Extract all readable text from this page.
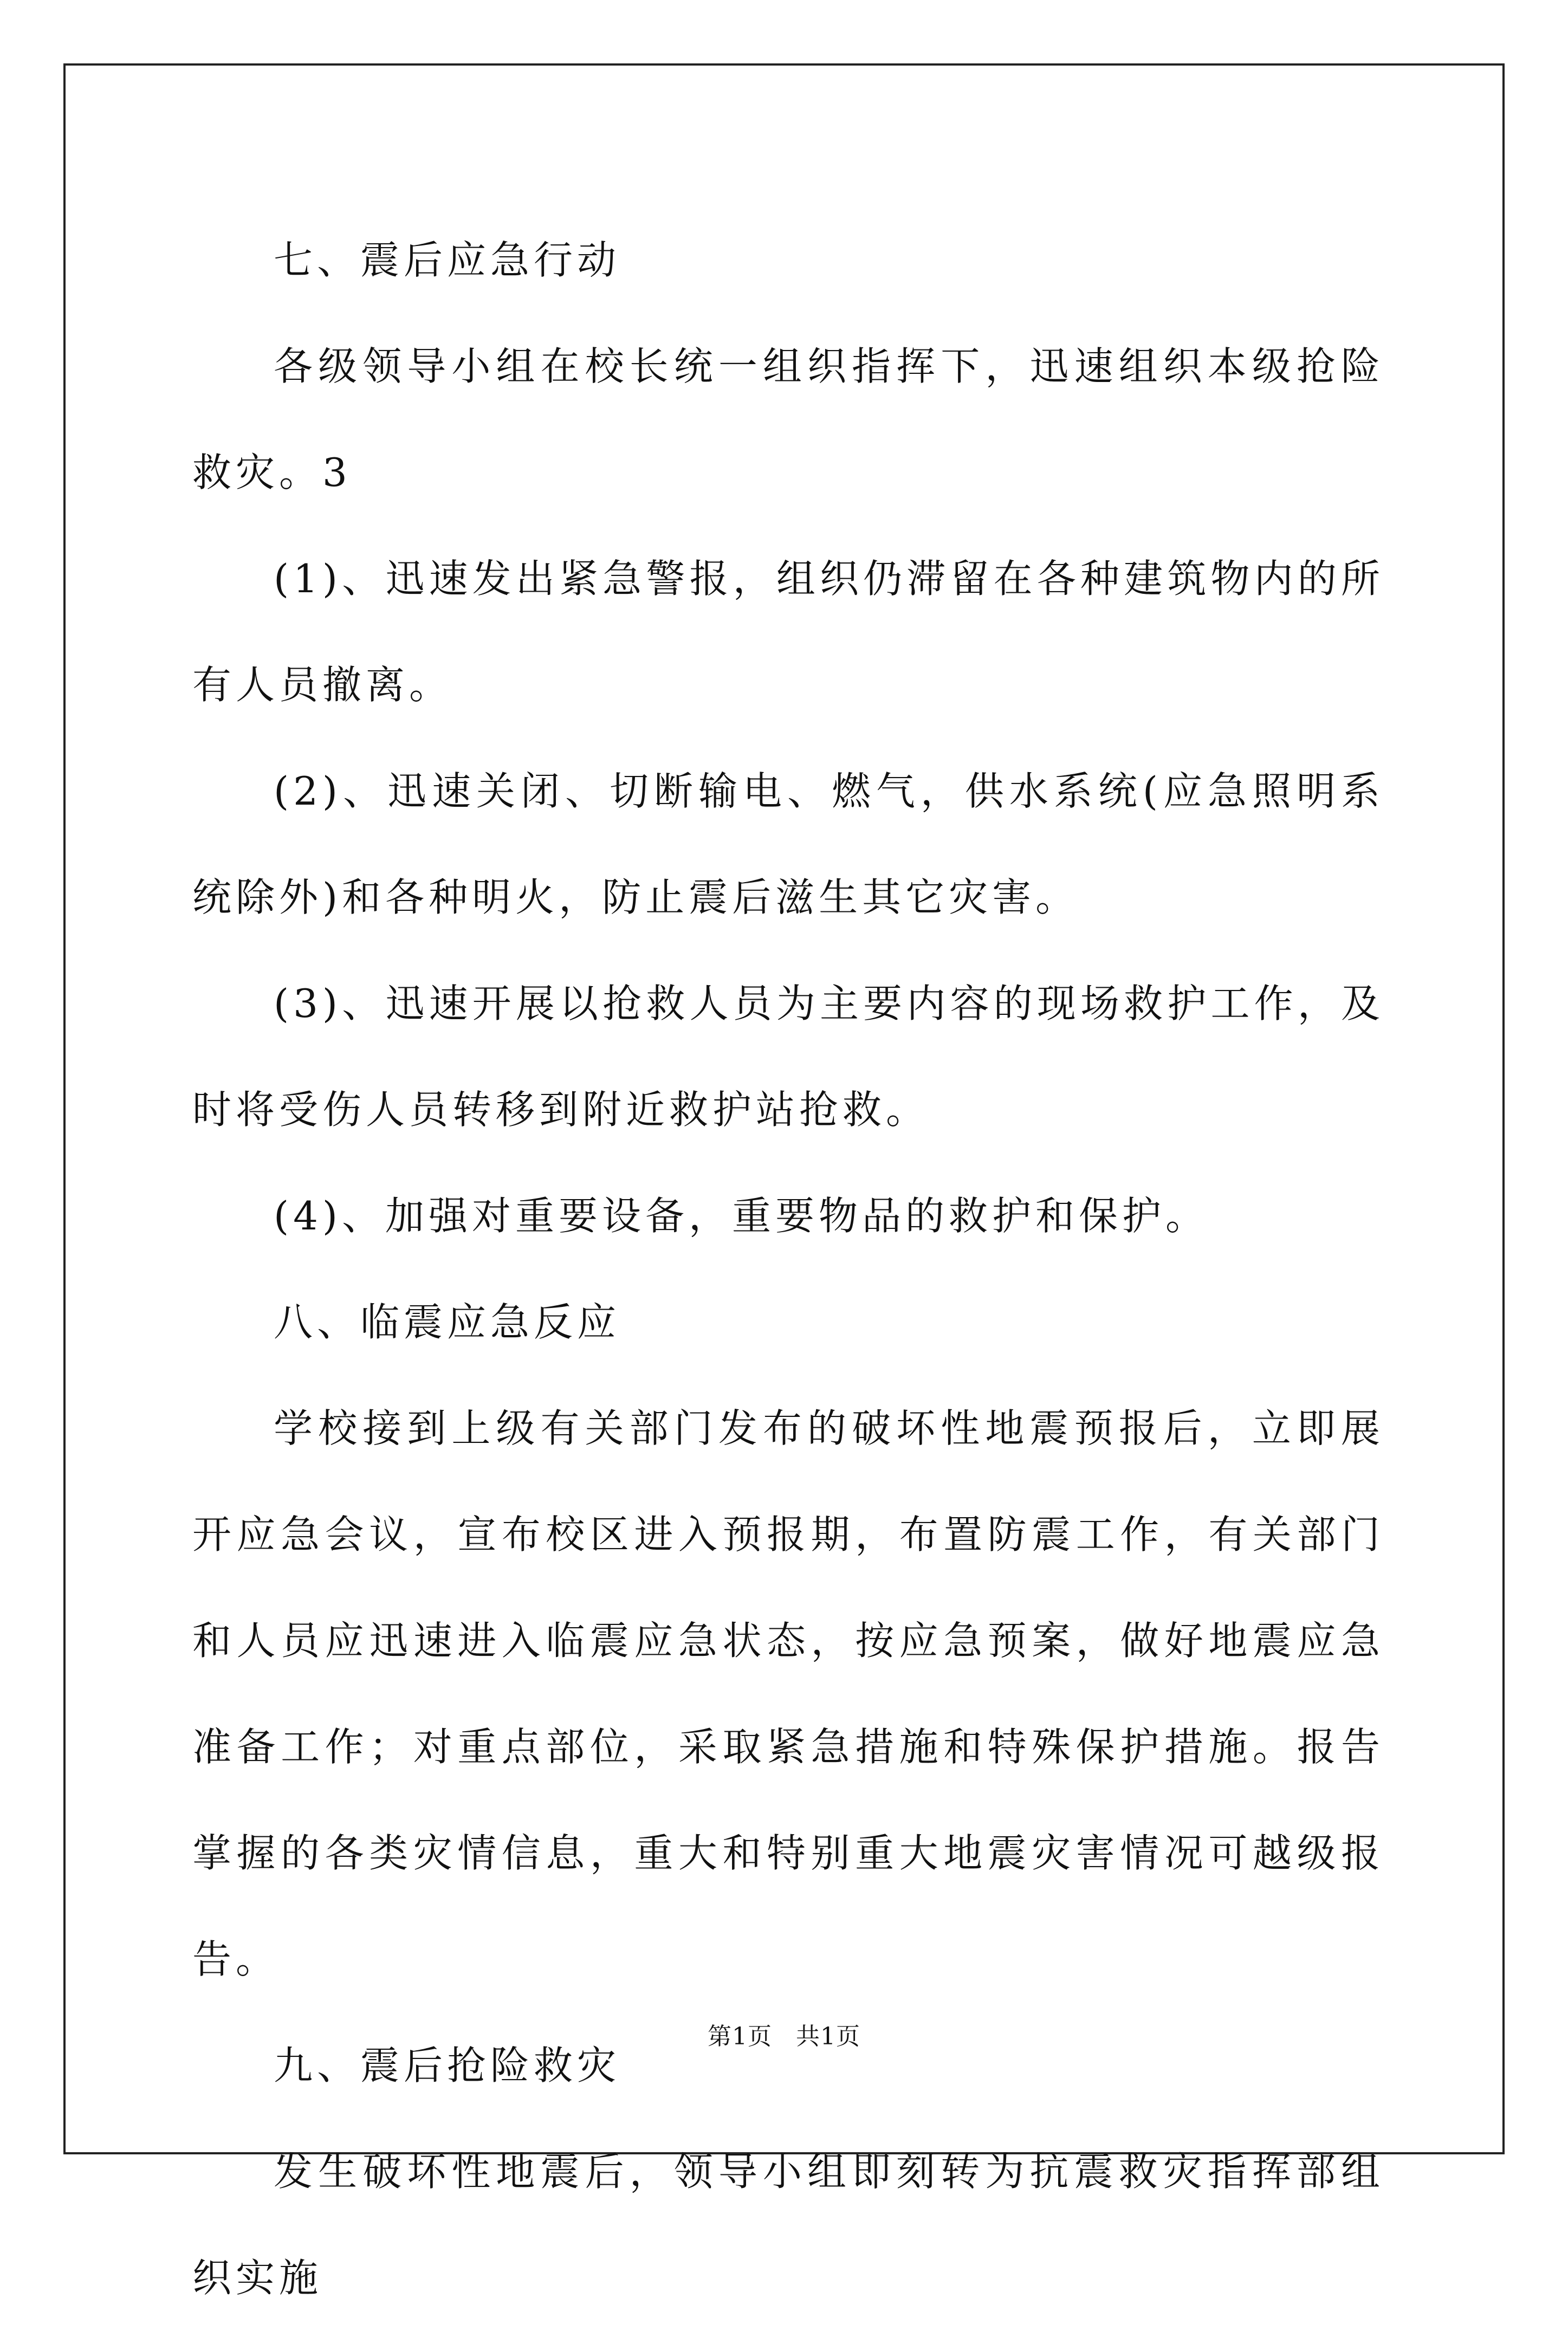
七、震后应急行动

各级领导小组在校长统一组织指挥下，迅速组织本级抢险救灾。3

(1)、迅速发出紧急警报，组织仍滞留在各种建筑物内的所有人员撤离。

(2)、迅速关闭、切断输电、燃气，供水系统(应急照明系统除外)和各种明火，防止震后滋生其它灾害。

(3)、迅速开展以抢救人员为主要内容的现场救护工作，及时将受伤人员转移到附近救护站抢救。

(4)、加强对重要设备，重要物品的救护和保护。

八、临震应急反应

学校接到上级有关部门发布的破坏性地震预报后，立即展开应急会议，宣布校区进入预报期，布置防震工作，有关部门和人员应迅速进入临震应急状态，按应急预案，做好地震应急准备工作；对重点部位，采取紧急措施和特殊保护措施。报告掌握的各类灾情信息，重大和特别重大地震灾害情况可越级报告。

九、震后抢险救灾

发生破坏性地震后，领导小组即刻转为抗震救灾指挥部组织实施

第1页 共1页
